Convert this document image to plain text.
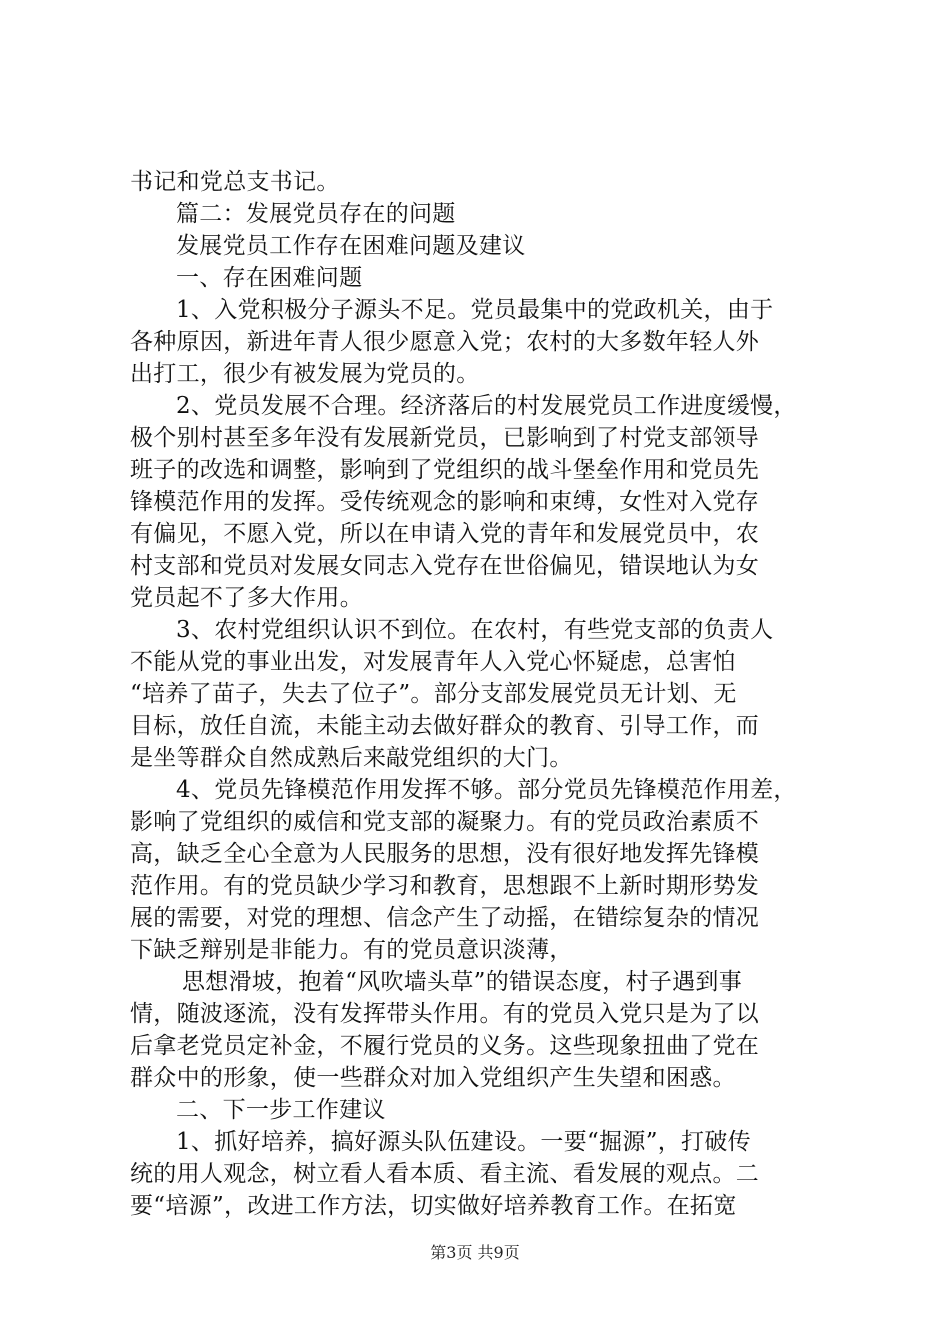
书记和党总支书记。
篇二：发展党员存在的问题
发展党员工作存在困难问题及建议
一、存在困难问题
1、入党积极分子源头不足。党员最集中的党政机关，由于
各种原因，新进年青人很少愿意入党；农村的大多数年轻人外
出打工，很少有被发展为党员的。
2、党员发展不合理。经济落后的村发展党员工作进度缓慢，
极个别村甚至多年没有发展新党员，已影响到了村党支部领导
班子的改选和调整，影响到了党组织的战斗堡垒作用和党员先
锋模范作用的发挥。受传统观念的影响和束缚，女性对入党存
有偏见，不愿入党，所以在申请入党的青年和发展党员中，农
村支部和党员对发展女同志入党存在世俗偏见，错误地认为女
党员起不了多大作用。
3、农村党组织认识不到位。在农村，有些党支部的负责人
不能从党的事业出发，对发展青年人入党心怀疑虑，总害怕
“培养了苗子，失去了位子”。部分支部发展党员无计划、无
目标，放任自流，未能主动去做好群众的教育、引导工作，而
是坐等群众自然成熟后来敲党组织的大门。
4、党员先锋模范作用发挥不够。部分党员先锋模范作用差，
影响了党组织的威信和党支部的凝聚力。有的党员政治素质不
高，缺乏全心全意为人民服务的思想，没有很好地发挥先锋模
范作用。有的党员缺少学习和教育，思想跟不上新时期形势发
展的需要，对党的理想、信念产生了动摇，在错综复杂的情况
下缺乏辩别是非能力。有的党员意识淡薄，
思想滑坡，抱着“风吹墙头草”的错误态度，村子遇到事
情，随波逐流，没有发挥带头作用。有的党员入党只是为了以
后拿老党员定补金，不履行党员的义务。这些现象扭曲了党在
群众中的形象，使一些群众对加入党组织产生失望和困惑。
二、下一步工作建议
1、抓好培养，搞好源头队伍建设。一要“掘源”，打破传
统的用人观念，树立看人看本质、看主流、看发展的观点。二
要“培源”，改进工作方法，切实做好培养教育工作。在拓宽
第3页 共9页
